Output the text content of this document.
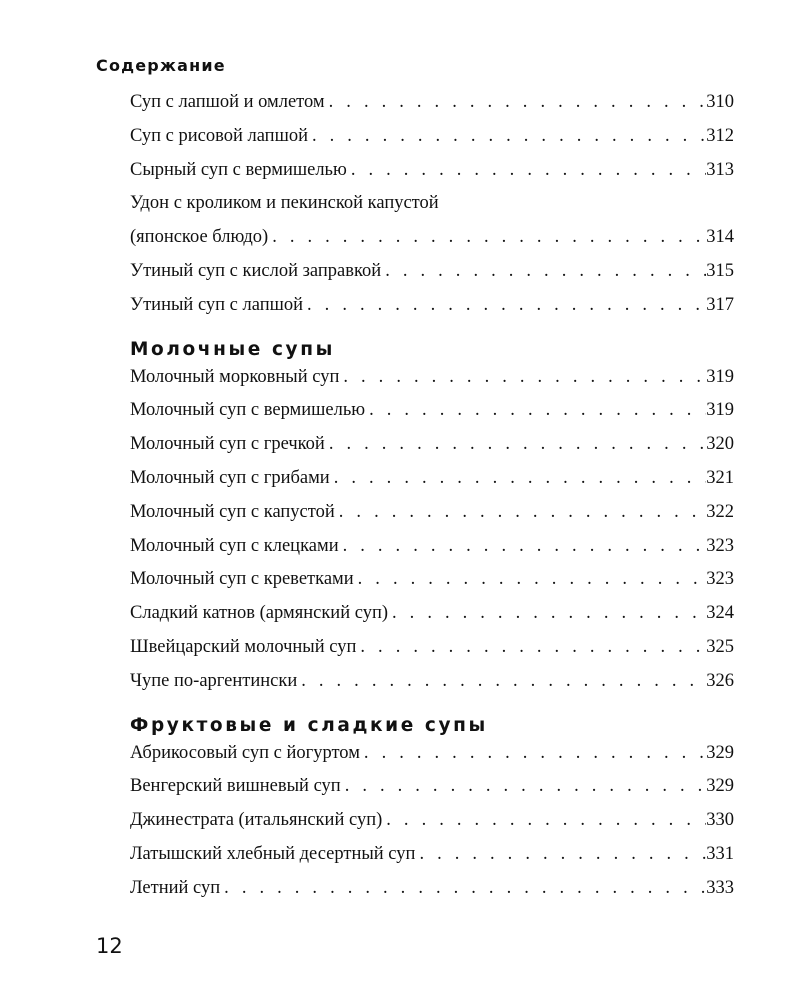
Содержание
Суп с лапшой и омлетом . . .	310
Суп с рисовой лапшой . . .	312
Сырный суп с вермишелью . . .	313
Удон с кроликом и пекинской капустой
(японское блюдо) . . .	314
Утиный суп с кислой заправкой . . .	315
Утиный суп с лапшой . . .	317
Молочные супы
Молочный морковный суп . . .	319
Молочный суп с вермишелью . . .	319
Молочный суп с гречкой . . .	320
Молочный суп с грибами . . .	321
Молочный суп с капустой . . .	322
Молочный суп с клецками . . .	323
Молочный суп с креветками . . .	323
Сладкий катнов (армянский суп) . . .	324
Швейцарский молочный суп . . .	325
Чупе по-аргентински . . .	326
Фруктовые и сладкие супы
Абрикосовый суп с йогуртом . . .	329
Венгерский вишневый суп . . .	329
Джинестрата (итальянский суп) . . .	330
Латышский хлебный десертный суп . . .	331
Летний суп . . .	333
12
